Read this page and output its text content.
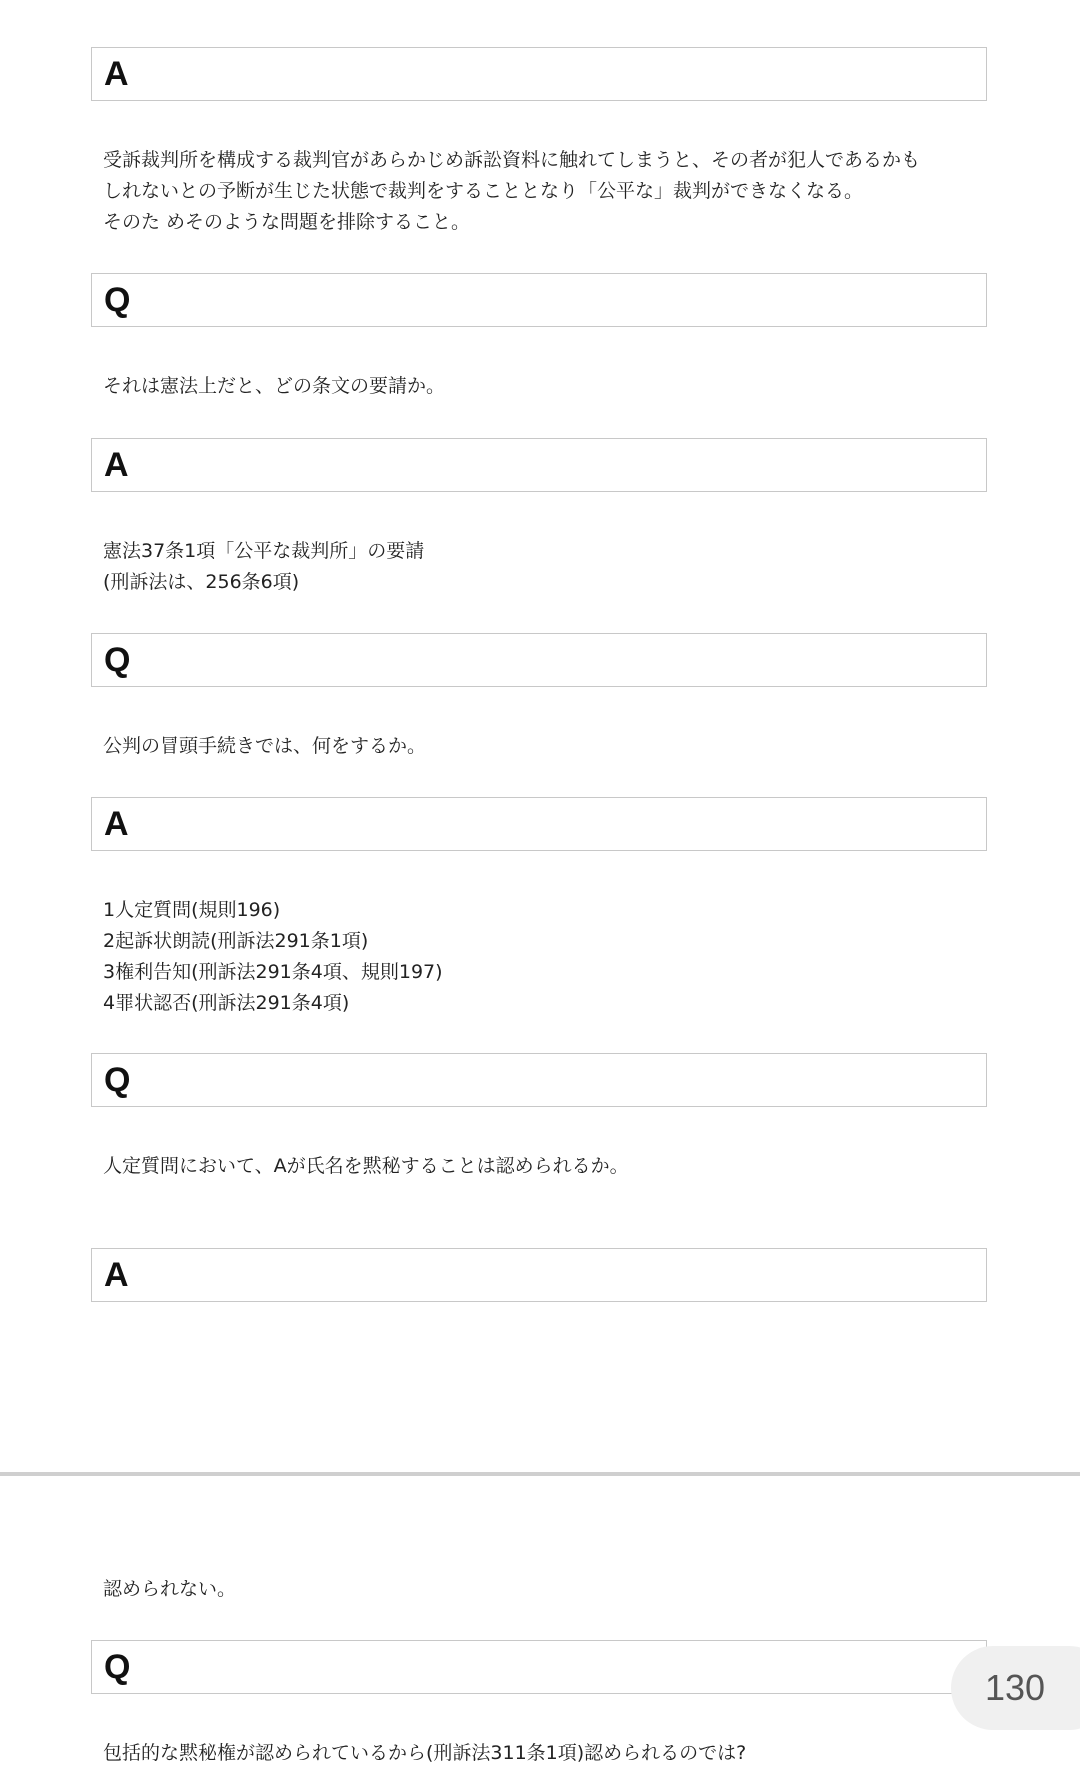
A
受訴裁判所を構成する裁判官があらかじめ訴訟資料に触れてしまうと、その者が犯人であるかも
しれないとの予断が生じた状態で裁判をすることとなり「公平な」裁判ができなくなる。
そのた めそのような問題を排除すること。
Q
それは憲法上だと、どの条文の要請か。
A
憲法37条1項「公平な裁判所」の要請
(刑訴法は、256条6項)
Q
公判の冒頭手続きでは、何をするか。
A
1人定質問(規則196)
2起訴状朗読(刑訴法291条1項)
3権利告知(刑訴法291条4項、規則197)
4罪状認否(刑訴法291条4項)
Q
人定質問において、Aが氏名を黙秘することは認められるか。
A
認められない。
Q
包括的な黙秘権が認められているから(刑訴法311条1項)認められるのでは?
130
